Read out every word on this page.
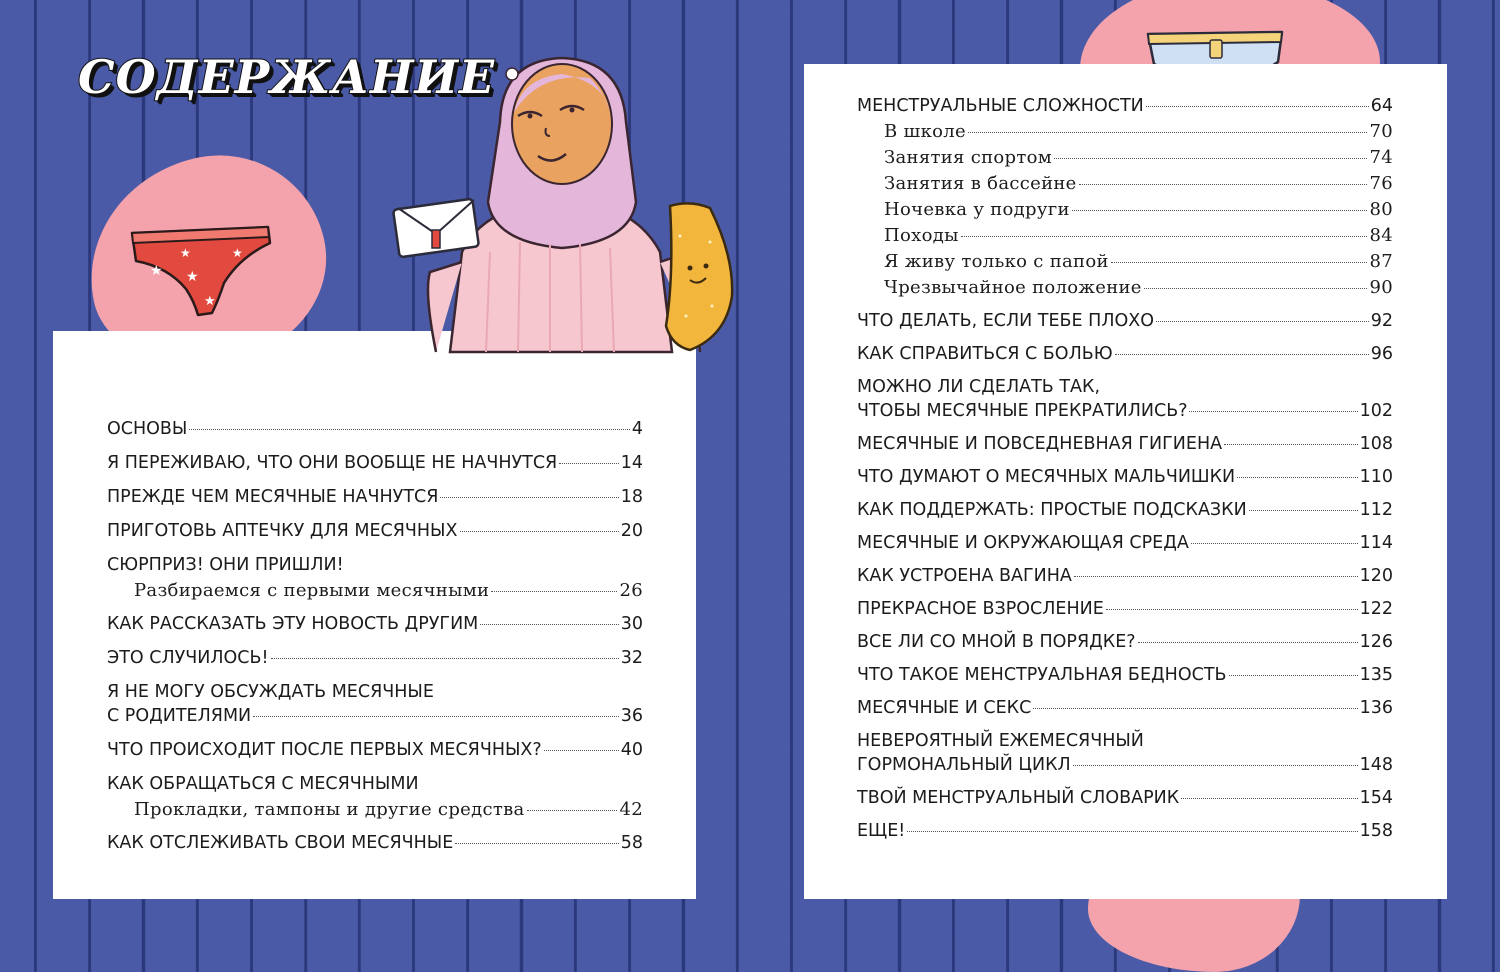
★ ★
★
★
★
СОДЕРЖАНИЕ
ОСНОВЫ	4
Я ПЕРЕЖИВАЮ, ЧТО ОНИ ВООБЩЕ НЕ НАЧНУТСЯ	14
ПРЕЖДЕ ЧЕМ МЕСЯЧНЫЕ НАЧНУТСЯ	18
ПРИГОТОВЬ АПТЕЧКУ ДЛЯ МЕСЯЧНЫХ	20
СЮРПРИЗ! ОНИ ПРИШЛИ!
Разбираемся с первыми месячными	26
КАК РАССКАЗАТЬ ЭТУ НОВОСТЬ ДРУГИМ	30
ЭТО СЛУЧИЛОСЬ!	32
Я НЕ МОГУ ОБСУЖДАТЬ МЕСЯЧНЫЕ
С РОДИТЕЛЯМИ	36
ЧТО ПРОИСХОДИТ ПОСЛЕ ПЕРВЫХ МЕСЯЧНЫХ?	40
КАК ОБРАЩАТЬСЯ С МЕСЯЧНЫМИ
Прокладки, тампоны и другие средства	42
КАК ОТСЛЕЖИВАТЬ СВОИ МЕСЯЧНЫЕ	58
МЕНСТРУАЛЬНЫЕ СЛОЖНОСТИ	64
В школе	70
Занятия спортом	74
Занятия в бассейне	76
Ночевка у подруги	80
Походы	84
Я живу только с папой	87
Чрезвычайное положение	90
ЧТО ДЕЛАТЬ, ЕСЛИ ТЕБЕ ПЛОХО	92
КАК СПРАВИТЬСЯ С БОЛЬЮ	96
МОЖНО ЛИ СДЕЛАТЬ ТАК,
ЧТОБЫ МЕСЯЧНЫЕ ПРЕКРАТИЛИСЬ?	102
МЕСЯЧНЫЕ И ПОВСЕДНЕВНАЯ ГИГИЕНА	108
ЧТО ДУМАЮТ О МЕСЯЧНЫХ МАЛЬЧИШКИ	110
КАК ПОДДЕРЖАТЬ: ПРОСТЫЕ ПОДСКАЗКИ	112
МЕСЯЧНЫЕ И ОКРУЖАЮЩАЯ СРЕДА	114
КАК УСТРОЕНА ВАГИНА	120
ПРЕКРАСНОЕ ВЗРОСЛЕНИЕ	122
ВСЕ ЛИ СО МНОЙ В ПОРЯДКЕ?	126
ЧТО ТАКОЕ МЕНСТРУАЛЬНАЯ БЕДНОСТЬ	135
МЕСЯЧНЫЕ И СЕКС	136
НЕВЕРОЯТНЫЙ ЕЖЕМЕСЯЧНЫЙ
ГОРМОНАЛЬНЫЙ ЦИКЛ	148
ТВОЙ МЕНСТРУАЛЬНЫЙ СЛОВАРИК	154
ЕЩЕ!	158
